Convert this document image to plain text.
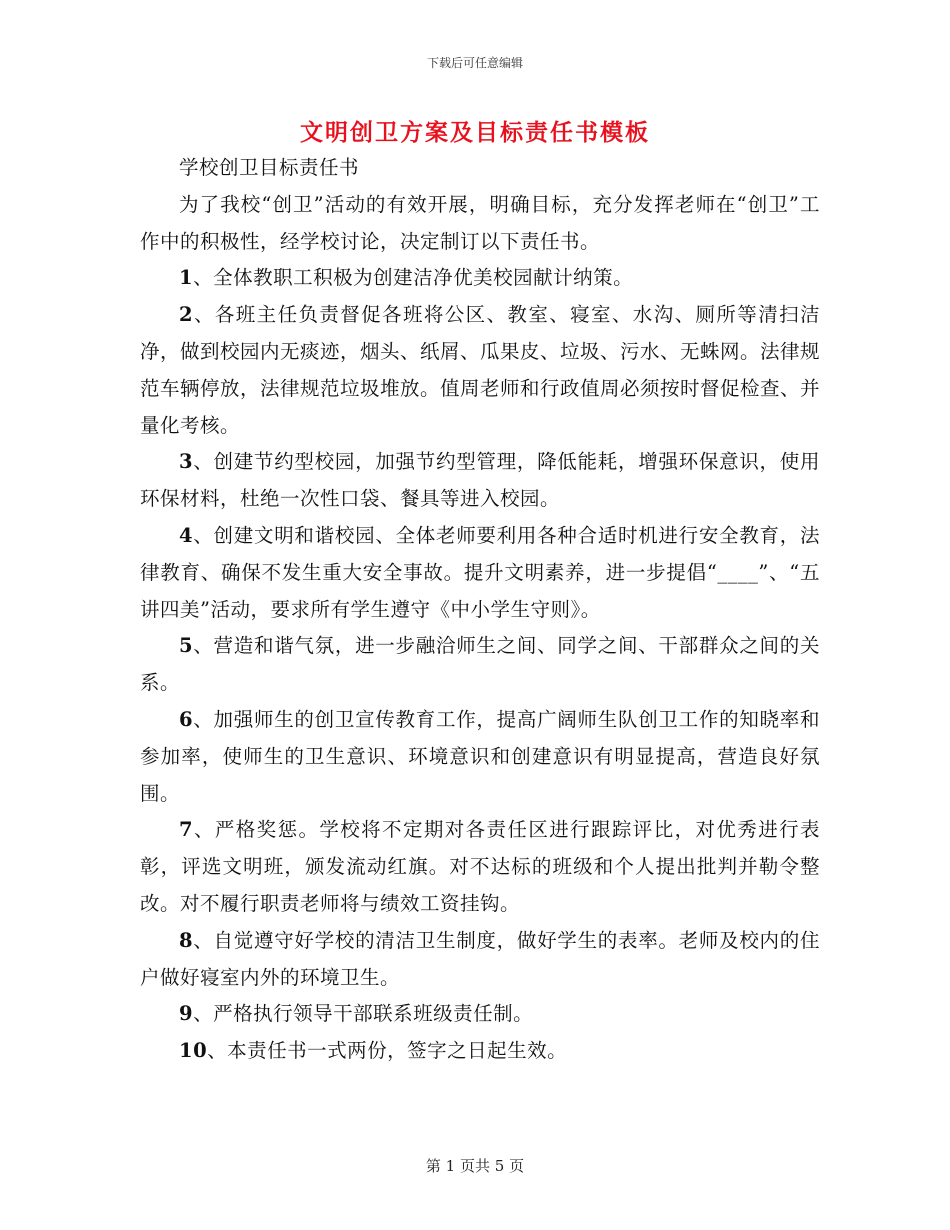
下载后可任意编辑
文明创卫方案及目标责任书模板

学校创卫目标责任书

为了我校“创卫”活动的有效开展，明确目标，充分发挥老师在“创卫”工作中的积极性，经学校讨论，决定制订以下责任书。

1、全体教职工积极为创建洁净优美校园献计纳策。

2、各班主任负责督促各班将公区、教室、寝室、水沟、厕所等清扫洁净，做到校园内无痰迹，烟头、纸屑、瓜果皮、垃圾、污水、无蛛网。法律规范车辆停放，法律规范垃圾堆放。值周老师和行政值周必须按时督促检查、并量化考核。

3、创建节约型校园，加强节约型管理，降低能耗，增强环保意识，使用环保材料，杜绝一次性口袋、餐具等进入校园。

4、创建文明和谐校园、全体老师要利用各种合适时机进行安全教育，法律教育、确保不发生重大安全事故。提升文明素养，进一步提倡“____”、“五讲四美”活动，要求所有学生遵守《中小学生守则》。

5、营造和谐气氛，进一步融洽师生之间、同学之间、干部群众之间的关系。

6、加强师生的创卫宣传教育工作，提高广阔师生队创卫工作的知晓率和参加率，使师生的卫生意识、环境意识和创建意识有明显提高，营造良好氛围。

7、严格奖惩。学校将不定期对各责任区进行跟踪评比，对优秀进行表彰，评选文明班，颁发流动红旗。对不达标的班级和个人提出批判并勒令整改。对不履行职责老师将与绩效工资挂钩。

8、自觉遵守好学校的清洁卫生制度，做好学生的表率。老师及校内的住户做好寝室内外的环境卫生。

9、严格执行领导干部联系班级责任制。

10、本责任书一式两份，签字之日起生效。

第 1 页共 5 页
